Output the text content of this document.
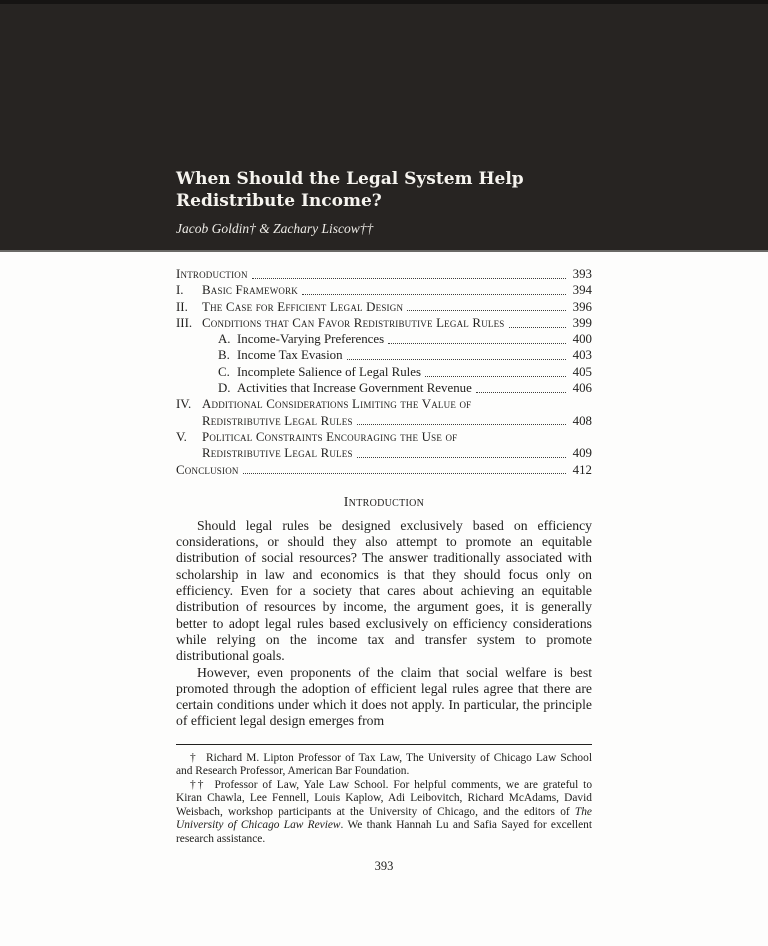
When Should the Legal System Help
Redistribute Income?
Jacob Goldin† & Zachary Liscow††
Introduction	393
I.	Basic Framework	394
II.	The Case for Efficient Legal Design	396
III. Conditions that Can Favor Redistributive Legal Rules	399
A. Income-Varying Preferences	400
B. Income Tax Evasion	403
C. Incomplete Salience of Legal Rules	405
D. Activities that Increase Government Revenue	406
IV. Additional Considerations Limiting the Value of
Redistributive Legal Rules	408
V.	Political Constraints Encouraging the Use of
Redistributive Legal Rules	409
Conclusion	412
Introduction

Should legal rules be designed exclusively based on efficiency considerations, or should they also attempt to promote an equitable distribution of social resources? The answer traditionally associated with scholarship in law and economics is that they should focus only on efficiency. Even for a society that cares about achieving an equitable distribution of resources by income, the argument goes, it is generally better to adopt legal rules based exclusively on efficiency considerations while relying on the income tax and transfer system to promote distributional goals.

However, even proponents of the claim that social welfare is best promoted through the adoption of efficient legal rules agree that there are certain conditions under which it does not apply. In particular, the principle of efficient legal design emerges from

† Richard M. Lipton Professor of Tax Law, The University of Chicago Law School and Research Professor, American Bar Foundation.

†† Professor of Law, Yale Law School. For helpful comments, we are grateful to Kiran Chawla, Lee Fennell, Louis Kaplow, Adi Leibovitch, Richard McAdams, David Weisbach, workshop participants at the University of Chicago, and the editors of The University of Chicago Law Review. We thank Hannah Lu and Safia Sayed for excellent research assistance.

393
